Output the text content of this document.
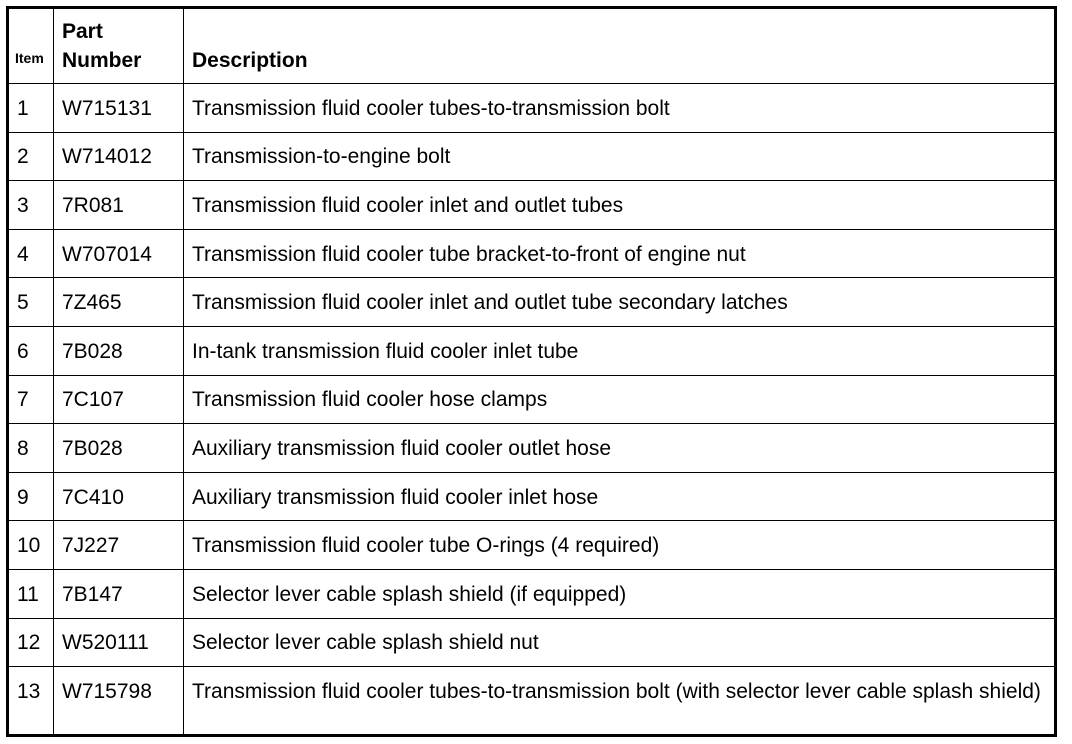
Item	Part Number	Description
1	W715131	Transmission fluid cooler tubes-to-transmission bolt
2	W714012	Transmission-to-engine bolt
3	7R081	Transmission fluid cooler inlet and outlet tubes
4	W707014	Transmission fluid cooler tube bracket-to-front of engine nut
5	7Z465	Transmission fluid cooler inlet and outlet tube secondary latches
6	7B028	In-tank transmission fluid cooler inlet tube
7	7C107	Transmission fluid cooler hose clamps
8	7B028	Auxiliary transmission fluid cooler outlet hose
9	7C410	Auxiliary transmission fluid cooler inlet hose
10	7J227	Transmission fluid cooler tube O-rings (4 required)
11	7B147	Selector lever cable splash shield (if equipped)
12	W520111	Selector lever cable splash shield nut
13	W715798	Transmission fluid cooler tubes-to-transmission bolt (with selector lever cable splash shield)
